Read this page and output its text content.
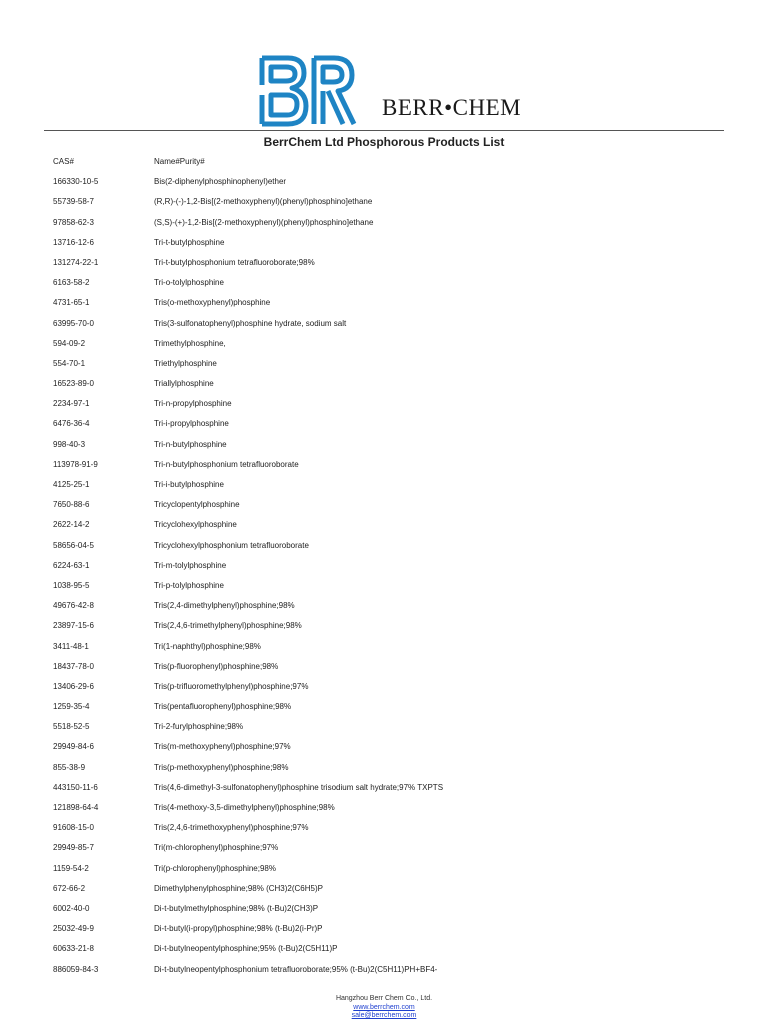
BERR•CHEM
BerrChem Ltd Phosphorous Products List
CAS#	Name#Purity#
166330-10-5	Bis(2-diphenylphosphinophenyl)ether
55739-58-7	(R,R)-(-)-1,2-Bis[(2-methoxyphenyl)(phenyl)phosphino]ethane
97858-62-3	(S,S)-(+)-1,2-Bis[(2-methoxyphenyl)(phenyl)phosphino]ethane
13716-12-6	Tri-t-butylphosphine
131274-22-1	Tri-t-butylphosphonium tetrafluoroborate;98%
6163-58-2	Tri-o-tolylphosphine
4731-65-1	Tris(o-methoxyphenyl)phosphine
63995-70-0	Tris(3-sulfonatophenyl)phosphine hydrate, sodium salt
594-09-2	Trimethylphosphine,
554-70-1	Triethylphosphine
16523-89-0	Triallylphosphine
2234-97-1	Tri-n-propylphosphine
6476-36-4	Tri-i-propylphosphine
998-40-3	Tri-n-butylphosphine
113978-91-9	Tri-n-butylphosphonium tetrafluoroborate
4125-25-1	Tri-i-butylphosphine
7650-88-6	Tricyclopentylphosphine
2622-14-2	Tricyclohexylphosphine
58656-04-5	Tricyclohexylphosphonium tetrafluoroborate
6224-63-1	Tri-m-tolylphosphine
1038-95-5	Tri-p-tolylphosphine
49676-42-8	Tris(2,4-dimethylphenyl)phosphine;98%
23897-15-6	Tris(2,4,6-trimethylphenyl)phosphine;98%
3411-48-1	Tri(1-naphthyl)phosphine;98%
18437-78-0	Tris(p-fluorophenyl)phosphine;98%
13406-29-6	Tris(p-trifluoromethylphenyl)phosphine;97%
1259-35-4	Tris(pentafluorophenyl)phosphine;98%
5518-52-5	Tri-2-furylphosphine;98%
29949-84-6	Tris(m-methoxyphenyl)phosphine;97%
855-38-9	Tris(p-methoxyphenyl)phosphine;98%
443150-11-6	Tris(4,6-dimethyl-3-sulfonatophenyl)phosphine trisodium salt hydrate;97% TXPTS
121898-64-4	Tris(4-methoxy-3,5-dimethylphenyl)phosphine;98%
91608-15-0	Tris(2,4,6-trimethoxyphenyl)phosphine;97%
29949-85-7	Tri(m-chlorophenyl)phosphine;97%
1159-54-2	Tri(p-chlorophenyl)phosphine;98%
672-66-2	Dimethylphenylphosphine;98% (CH3)2(C6H5)P
6002-40-0	Di-t-butylmethylphosphine;98% (t-Bu)2(CH3)P
25032-49-9	Di-t-butyl(i-propyl)phosphine;98% (t-Bu)2(i-Pr)P
60633-21-8	Di-t-butylneopentylphosphine;95% (t-Bu)2(C5H11)P
886059-84-3	Di-t-butylneopentylphosphonium tetrafluoroborate;95% (t-Bu)2(C5H11)PH+BF4-
Hangzhou Berr Chem Co., Ltd.
www.berrchem.com
sale@berrchem.com
